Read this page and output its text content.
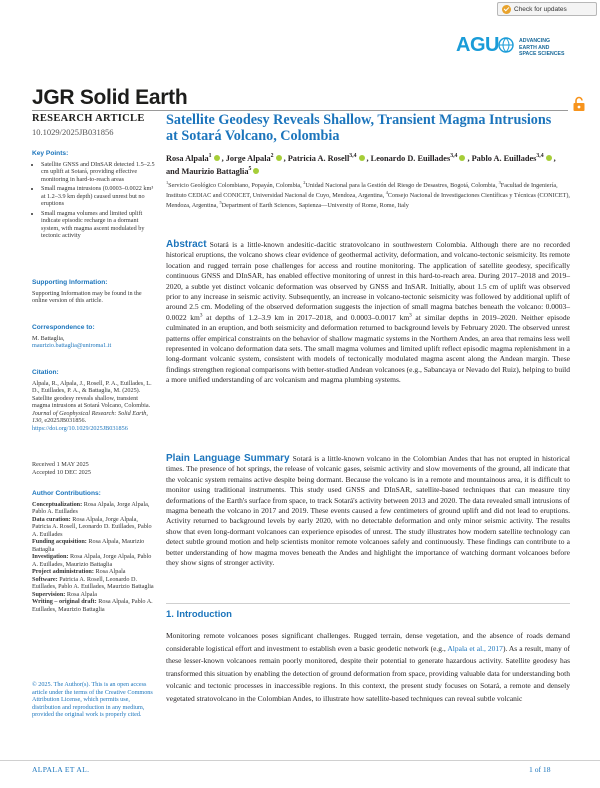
Check for updates
AGU	ADVANCING
EARTH AND
SPACE SCIENCES
JGR Solid Earth
RESEARCH ARTICLE
10.1029/2025JB031856
Key Points:
• Satellite GNSS and DInSAR detected 1.5–2.5 cm uplift at Sotará, providing effective monitoring in hard-to-reach areas
• Small magma intrusions (0.0003–0.0022 km³ at 1.2–3.9 km depth) caused unrest but no eruptions
• Small magma volumes and limited uplift indicate episodic recharge in a dormant system, with magma ascent modulated by tectonic activity
Supporting Information:
Supporting Information may be found in the online version of this article.
Correspondence to:
M. Battaglia,
maurizio.battaglia@uniroma1.it
Citation:
Alpala, R., Alpala, J., Rosell, P. A., Euillades, L. D., Euillades, P. A., & Battaglia, M. (2025). Satellite geodesy reveals shallow, transient magma intrusions at Sotará Volcano, Colombia. Journal of Geophysical Research: Solid Earth, 130, e2025JB031856. https://doi.org/10.1029/2025JB031856
Received 1 MAY 2025
Accepted 10 DEC 2025
Author Contributions:
Conceptualization: Rosa Alpala, Jorge Alpala, Pablo A. Euillades
Data curation: Rosa Alpala, Jorge Alpala, Patricia A. Rosell, Leonardo D. Euillades, Pablo A. Euillades
Funding acquisition: Rosa Alpala, Maurizio Battaglia
Investigation: Rosa Alpala, Jorge Alpala, Pablo A. Euillades, Maurizio Battaglia
Project administration: Rosa Alpala
Software: Patricia A. Rosell, Leonardo D. Euillades, Pablo A. Euillades, Maurizio Battaglia
Supervision: Rosa Alpala
Writing – original draft: Rosa Alpala, Pablo A. Euillades, Maurizio Battaglia
© 2025. The Author(s). This is an open access article under the terms of the Creative Commons Attribution License, which permits use, distribution and reproduction in any medium, provided the original work is properly cited.
Satellite Geodesy Reveals Shallow, Transient Magma Intrusions at Sotará Volcano, Colombia
Rosa Alpala$^1$ , Jorge Alpala$^2$ , Patricia A. Rosell$^{3,4}$ , Leonardo D. Euillades$^{3,4}$ , Pablo A. Euillades$^{3,4}$ , and Maurizio Battaglia$^5$
$^1$Servicio Geológico Colombiano, Popayán, Colombia, $^2$Unidad Nacional para la Gestión del Riesgo de Desastres, Bogotá, Colombia, $^3$Facultad de Ingeniería, Instituto CEDIAC and CONICET, Universidad Nacional de Cuyo, Mendoza, Argentina, $^4$Consejo Nacional de Investigaciones Científicas y Técnicas (CONICET), Mendoza, Argentina, $^5$Department of Earth Sciences, Sapienza—University of Rome, Rome, Italy
Abstract Sotará is a little-known andesitic-dacitic stratovolcano in southwestern Colombia. Although there are no recorded historical eruptions, the volcano shows clear evidence of geothermal activity, deformation, and volcano-tectonic seismicity. Its remote location and rugged terrain pose challenges for access and routine monitoring. The application of satellite geodesy, specifically continuous GNSS and DInSAR, has enabled effective monitoring of unrest in this hard-to-reach area. During 2017–2018 and 2019–2020, a subtle yet distinct volcanic deformation was observed by GNSS and InSAR. Initially, about 1.5 cm of uplift was observed prior to any increase in seismic activity. Subsequently, an increase in volcano-tectonic seismicity was followed by additional uplift of around 2.5 cm. Modeling of the observed deformation suggests the injection of small magma batches beneath the volcano: 0.0003–0.0022 $km^3$ at depths of 1.2–3.9 km in 2017–2018, and 0.0003–0.0017 $km^3$ at similar depths in 2019–2020. Neither episode culminated in an eruption, and both seismicity and deformation returned to background levels by February 2020. The observed unrest patterns offer empirical constraints on the behavior of shallow magmatic systems in the Northern Andes, an area that remains less well represented in volcano deformation data sets. The small magma volumes and limited uplift reflect episodic magma replenishment in a long-dormant volcanic system, consistent with models of tectonically modulated magma ascent along the Andean margin. These findings strengthen regional comparisons with better-studied Andean volcanoes (e.g., Sabancaya or Nevado del Ruiz), helping to build a more unified understanding of arc volcanism and magma plumbing systems.
Plain Language Summary Sotará is a little-known volcano in the Colombian Andes that has not erupted in historical times. The presence of hot springs, the release of volcanic gases, seismic activity and slow movements of the ground, all indicate that the volcanic system remains active despite being dormant. Because the volcano is in a remote and mountainous area, it is difficult to monitor using traditional instruments. This study used GNSS and DInSAR, satellite-based techniques that can measure tiny deformations of the Earth's surface from space, to track Sotará's activity between 2013 and 2020. The data revealed small intrusions of magma beneath the volcano in 2017 and 2019. These events caused a few centimeters of ground uplift and did not lead to eruptions. Activity returned to background levels by early 2020, with no detectable deformation and only minor seismic activity. The results show that even long-dormant volcanoes can experience episodes of unrest. The study illustrates how modern satellite technology can detect subtle ground motion and help scientists monitor remote volcanoes safely and continuously. These findings can contribute to a better understanding of how magma moves beneath the Andes and highlight the importance of watching dormant volcanoes before they show signs of stronger activity.
1. Introduction
Monitoring remote volcanoes poses significant challenges. Rugged terrain, dense vegetation, and the absence of roads demand considerable logistical effort and investment to establish even a basic geodetic network (e.g., Alpala et al., 2017). As a result, many of these lesser-known volcanoes remain poorly monitored, despite their potential to generate hazardous activity. Satellite geodesy has transformed this situation by enabling the detection of ground deformation from space, providing valuable data for understanding both volcanic and tectonic processes in inaccessible regions. In this context, the present study focuses on Sotará, a remote and densely vegetated stratovolcano in the Colombian Andes, to illustrate how satellite-based techniques can reveal subtle volcanic
ALPALA ET AL.	1 of 18
